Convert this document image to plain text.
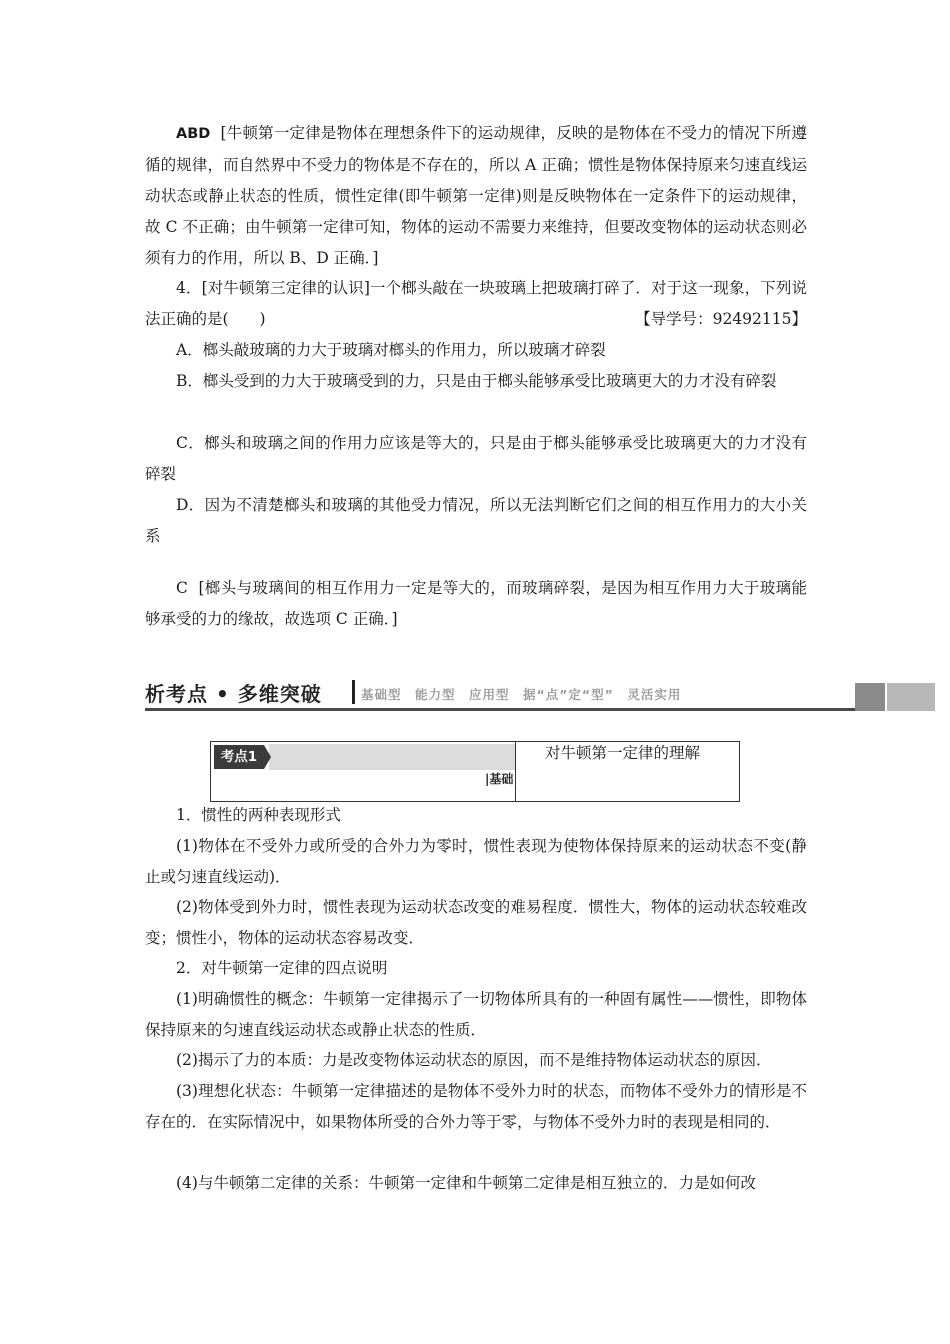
ABD [牛顿第一定律是物体在理想条件下的运动规律，反映的是物体在不受力的情况下所遵循的规律，而自然界中不受力的物体是不存在的，所以 A 正确；惯性是物体保持原来匀速直线运动状态或静止状态的性质，惯性定律(即牛顿第一定律)则是反映物体在一定条件下的运动规律，故 C 不正确；由牛顿第一定律可知，物体的运动不需要力来维持，但要改变物体的运动状态则必须有力的作用，所以 B、D 正确．]

4．[对牛顿第三定律的认识]一个榔头敲在一块玻璃上把玻璃打碎了．对于这一现象，下列说法正确的是(　　)	【导学号：92492115】

A．榔头敲玻璃的力大于玻璃对榔头的作用力，所以玻璃才碎裂

B．榔头受到的力大于玻璃受到的力，只是由于榔头能够承受比玻璃更大的力才没有碎裂

C．榔头和玻璃之间的作用力应该是等大的，只是由于榔头能够承受比玻璃更大的力才没有碎裂

D．因为不清楚榔头和玻璃的其他受力情况，所以无法判断它们之间的相互作用力的大小关系

C [榔头与玻璃间的相互作用力一定是等大的，而玻璃碎裂，是因为相互作用力大于玻璃能够承受的力的缘故，故选项 C 正确．]

析考点 • 多维突破	基础型　能力型　应用型　据“点”定“型”　灵活实用
考点1
|基础
对牛顿第一定律的理解

1．惯性的两种表现形式

(1)物体在不受外力或所受的合外力为零时，惯性表现为使物体保持原来的运动状态不变(静止或匀速直线运动)．

(2)物体受到外力时，惯性表现为运动状态改变的难易程度．惯性大，物体的运动状态较难改变；惯性小，物体的运动状态容易改变．

2．对牛顿第一定律的四点说明

(1)明确惯性的概念：牛顿第一定律揭示了一切物体所具有的一种固有属性——惯性，即物体保持原来的匀速直线运动状态或静止状态的性质．

(2)揭示了力的本质：力是改变物体运动状态的原因，而不是维持物体运动状态的原因．

(3)理想化状态：牛顿第一定律描述的是物体不受外力时的状态，而物体不受外力的情形是不存在的．在实际情况中，如果物体所受的合外力等于零，与物体不受外力时的表现是相同的．

(4)与牛顿第二定律的关系：牛顿第一定律和牛顿第二定律是相互独立的．力是如何改
